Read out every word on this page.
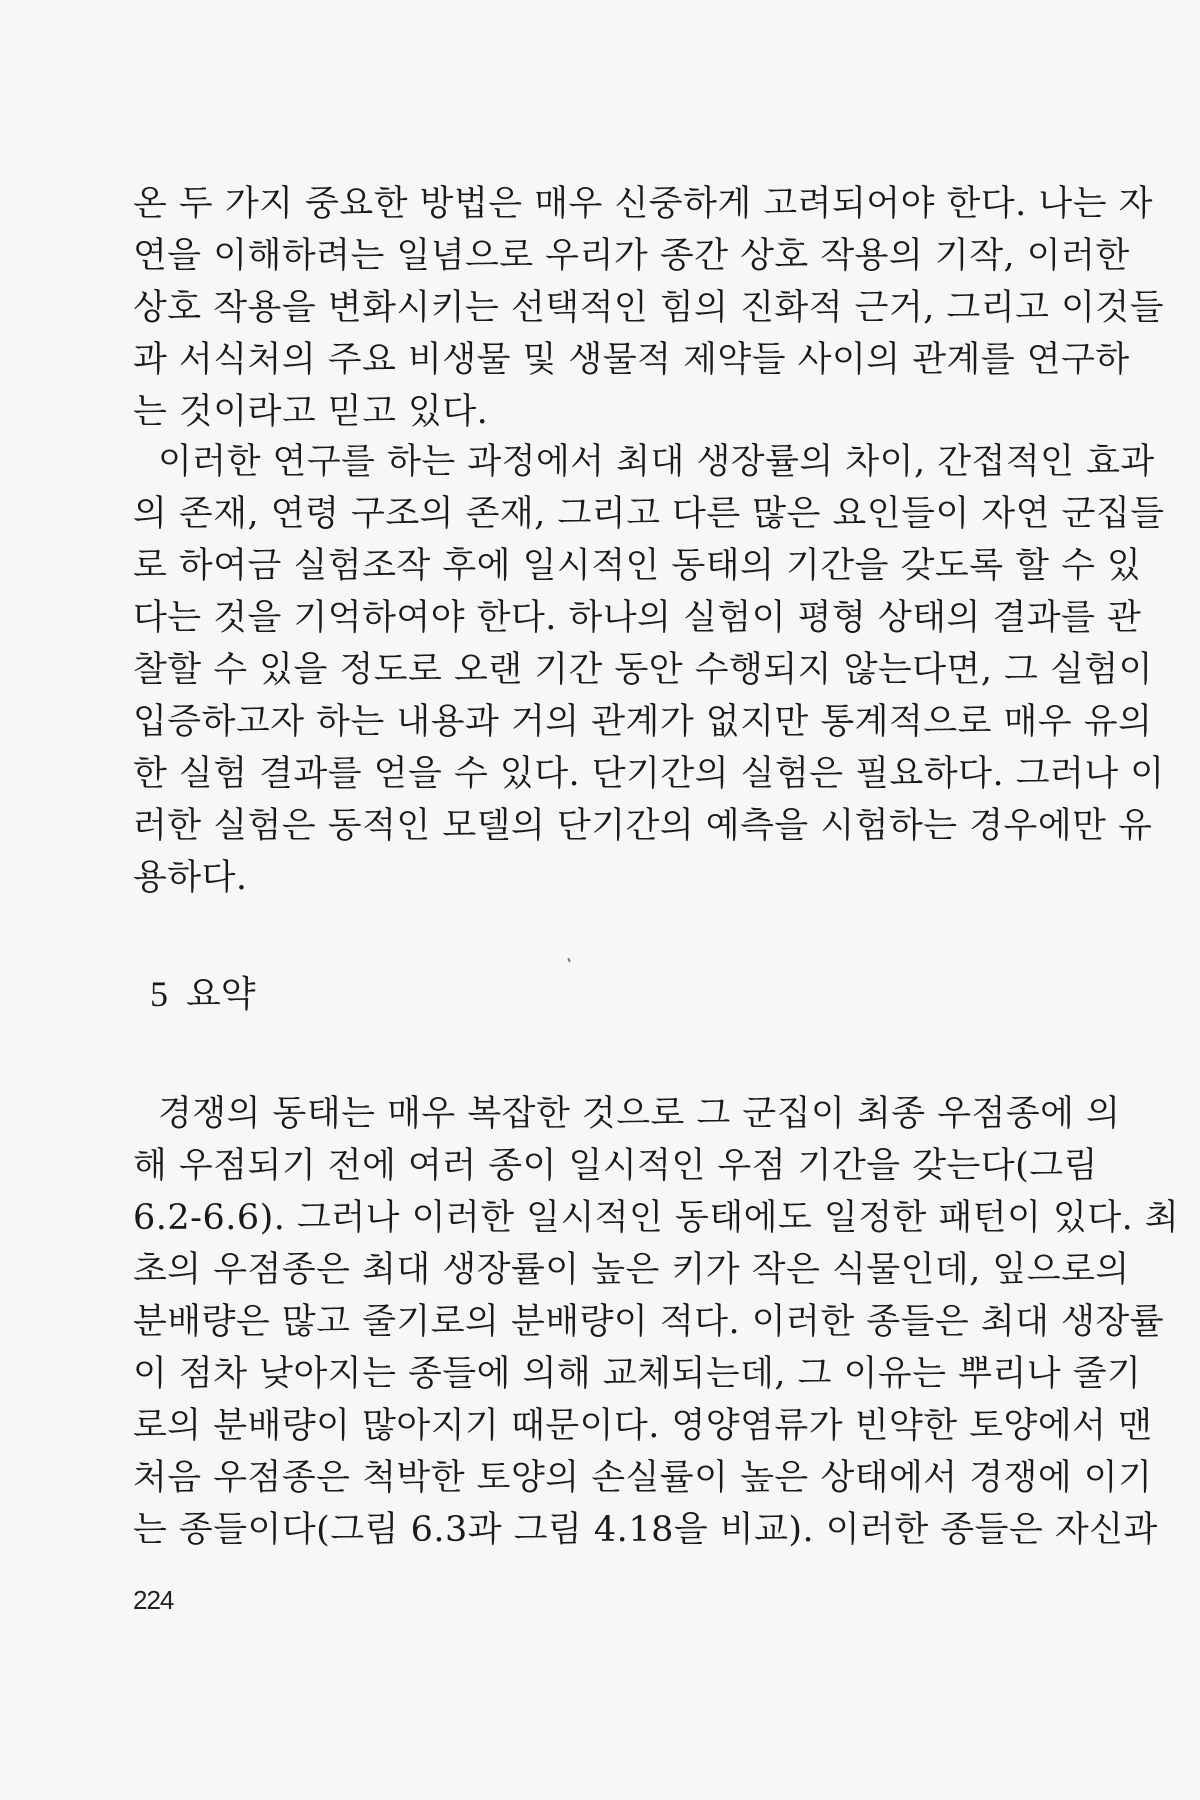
온 두 가지 중요한 방법은 매우 신중하게 고려되어야 한다. 나는 자
연을 이해하려는 일념으로 우리가 종간 상호 작용의 기작, 이러한
상호 작용을 변화시키는 선택적인 힘의 진화적 근거, 그리고 이것들
과 서식처의 주요 비생물 및 생물적 제약들 사이의 관계를 연구하
는 것이라고 믿고 있다.
이러한 연구를 하는 과정에서 최대 생장률의 차이, 간접적인 효과
의 존재, 연령 구조의 존재, 그리고 다른 많은 요인들이 자연 군집들
로 하여금 실험조작 후에 일시적인 동태의 기간을 갖도록 할 수 있
다는 것을 기억하여야 한다. 하나의 실험이 평형 상태의 결과를 관
찰할 수 있을 정도로 오랜 기간 동안 수행되지 않는다면, 그 실험이
입증하고자 하는 내용과 거의 관계가 없지만 통계적으로 매우 유의
한 실험 결과를 얻을 수 있다. 단기간의 실험은 필요하다. 그러나 이
러한 실험은 동적인 모델의 단기간의 예측을 시험하는 경우에만 유
용하다.
5 요약
경쟁의 동태는 매우 복잡한 것으로 그 군집이 최종 우점종에 의
해 우점되기 전에 여러 종이 일시적인 우점 기간을 갖는다(그림
6.2-6.6). 그러나 이러한 일시적인 동태에도 일정한 패턴이 있다. 최
초의 우점종은 최대 생장률이 높은 키가 작은 식물인데, 잎으로의
분배량은 많고 줄기로의 분배량이 적다. 이러한 종들은 최대 생장률
이 점차 낮아지는 종들에 의해 교체되는데, 그 이유는 뿌리나 줄기
로의 분배량이 많아지기 때문이다. 영양염류가 빈약한 토양에서 맨
처음 우점종은 척박한 토양의 손실률이 높은 상태에서 경쟁에 이기
는 종들이다(그림 6.3과 그림 4.18을 비교). 이러한 종들은 자신과
224
